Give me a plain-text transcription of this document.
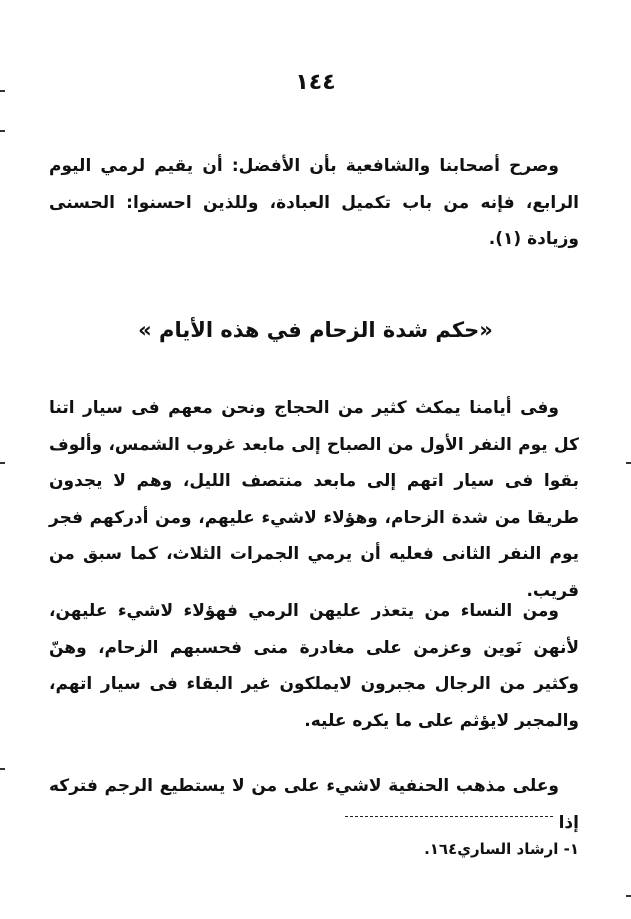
١٤٤

وصرح أصحابنا والشافعية بأن الأفضل: أن يقيم لرمي اليوم الرابع، فإنه من باب تكميل العبادة، وللذين احسنوا: الحسنى وزيادة (١).

«حكم شدة الزحام في هذه الأيام »

وفى أيامنا يمكث كثير من الحجاج ونحن معهم فى سيار اتنا كل يوم النفر الأول من الصباح إلى مابعد غروب الشمس، وألوف بقوا فى سيار اتهم إلى مابعد منتصف الليل، وهم لا يجدون طريقا من شدة الزحام، وهؤلاء لاشيء عليهم، ومن أدركهم فجر يوم النفر الثانى فعليه أن يرمي الجمرات الثلاث، كما سبق من قريب.

ومن النساء من يتعذر عليهن الرمي فهؤلاء لاشيء عليهن، لأنهن نَوين وعزمن على مغادرة منى فحسبهم الزحام، وهنّ وكثير من الرجال مجبرون لايملكون غير البقاء فى سيار اتهم، والمجبر لايؤثم على ما يكره عليه.

وعلى مذهب الحنفية لاشيء على من لا يستطيع الرجم فتركه إذا

١- ارشاد الساري١٦٤.
